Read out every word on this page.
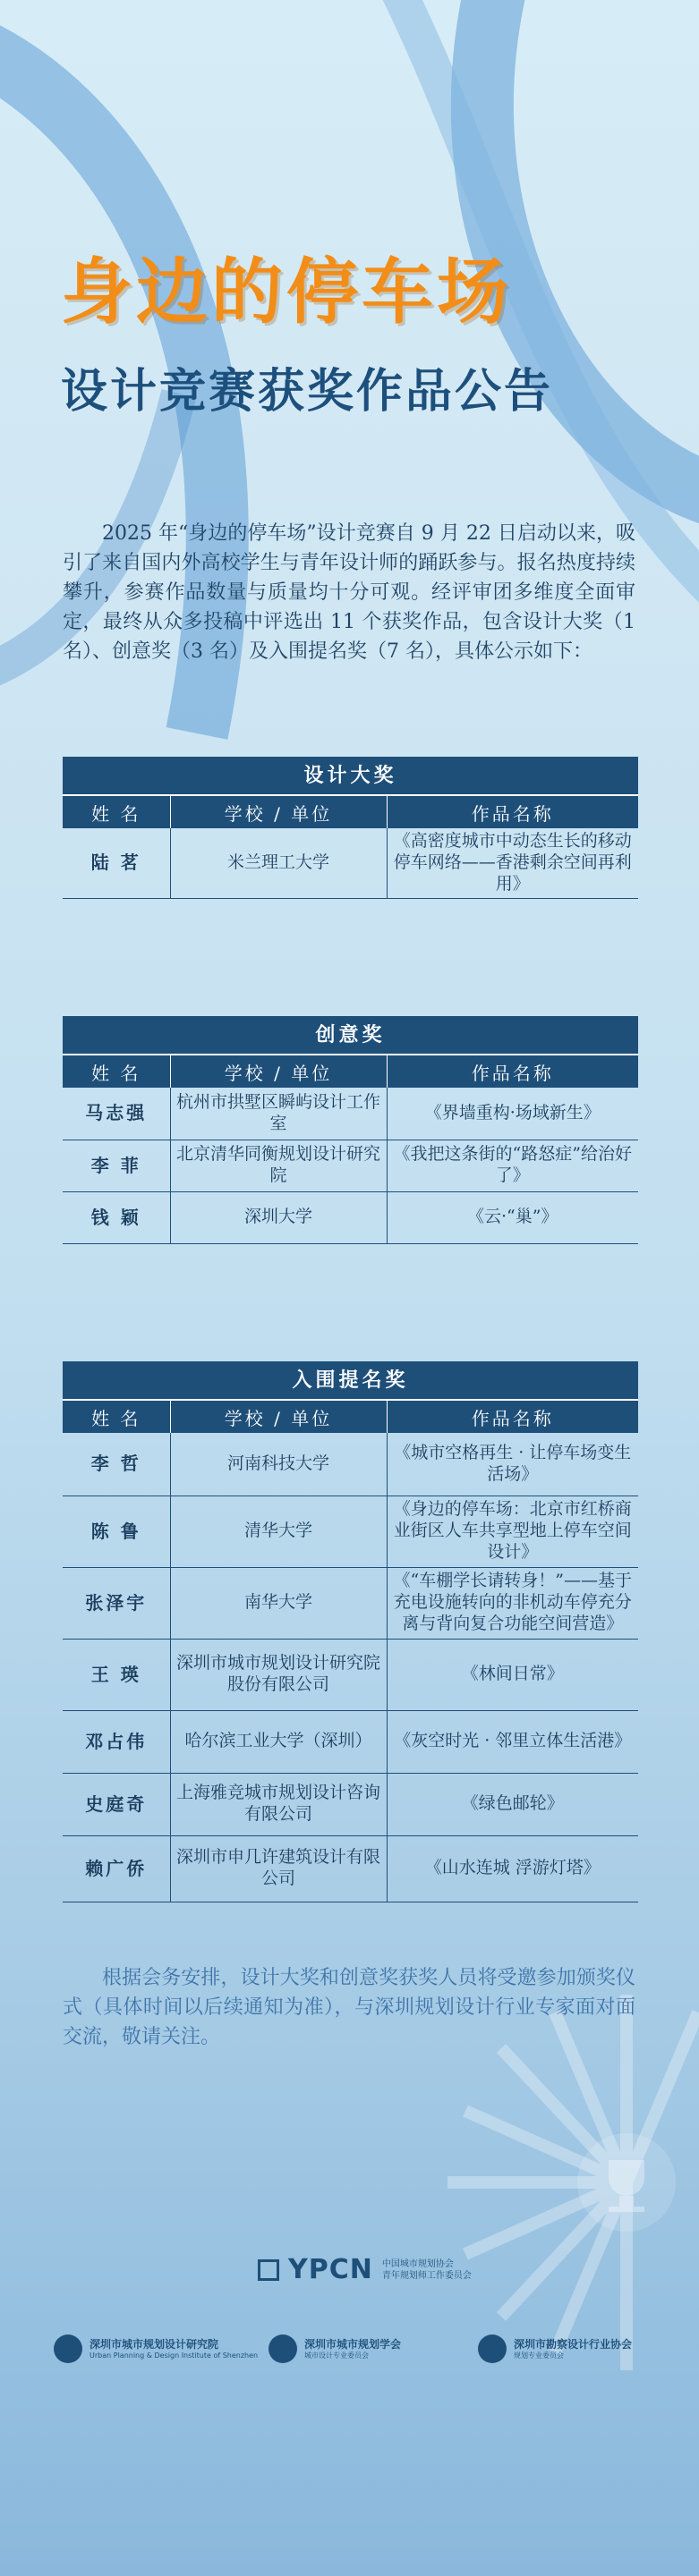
身边的停车场
设计竞赛获奖作品公告

2025 年“身边的停车场”设计竞赛自 9 月 22 日启动以来，吸引了来自国内外高校学生与青年设计师的踊跃参与。报名热度持续攀升，参赛作品数量与质量均十分可观。经评审团多维度全面审定，最终从众多投稿中评选出 11 个获奖作品，包含设计大奖（1 名）、创意奖（3 名）及入围提名奖（7 名），具体公示如下：

设计大奖
姓 名	学校 / 单位	作品名称
陆 茗	米兰理工大学	《高密度城市中动态生长的移动停车网络——香港剩余空间再利用》
创意奖
姓 名	学校 / 单位	作品名称
马志强	杭州市拱墅区瞬屿设计工作室	《界墙重构·场域新生》
李 菲	北京清华同衡规划设计研究院	《我把这条街的“路怒症”给治好了》
钱 颖	深圳大学	《云·“巢”》
入围提名奖
姓 名	学校 / 单位	作品名称
李 哲	河南科技大学	《城市空格再生 · 让停车场变生活场》
陈 鲁	清华大学	《身边的停车场：北京市红桥商业街区人车共享型地上停车空间设计》
张泽宇	南华大学	《“车棚学长请转身！”——基于充电设施转向的非机动车停充分离与背向复合功能空间营造》
王 瑛	深圳市城市规划设计研究院股份有限公司	《林间日常》
邓占伟	哈尔滨工业大学（深圳）	《灰空时光 · 邻里立体生活港》
史庭奇	上海雅竞城市规划设计咨询有限公司	《绿色邮轮》
赖广侨	深圳市申几许建筑设计有限公司	《山水连城 浮游灯塔》

根据会务安排，设计大奖和创意奖获奖人员将受邀参加颁奖仪式（具体时间以后续通知为准），与深圳规划设计行业专家面对面交流，敬请关注。

YPCN 中国城市规划协会
青年规划师工作委员会
深圳市城市规划设计研究院
Urban Planning & Design Institute of Shenzhen
深圳市城市规划学会
城市设计专业委员会
深圳市勘察设计行业协会
规划专业委员会
